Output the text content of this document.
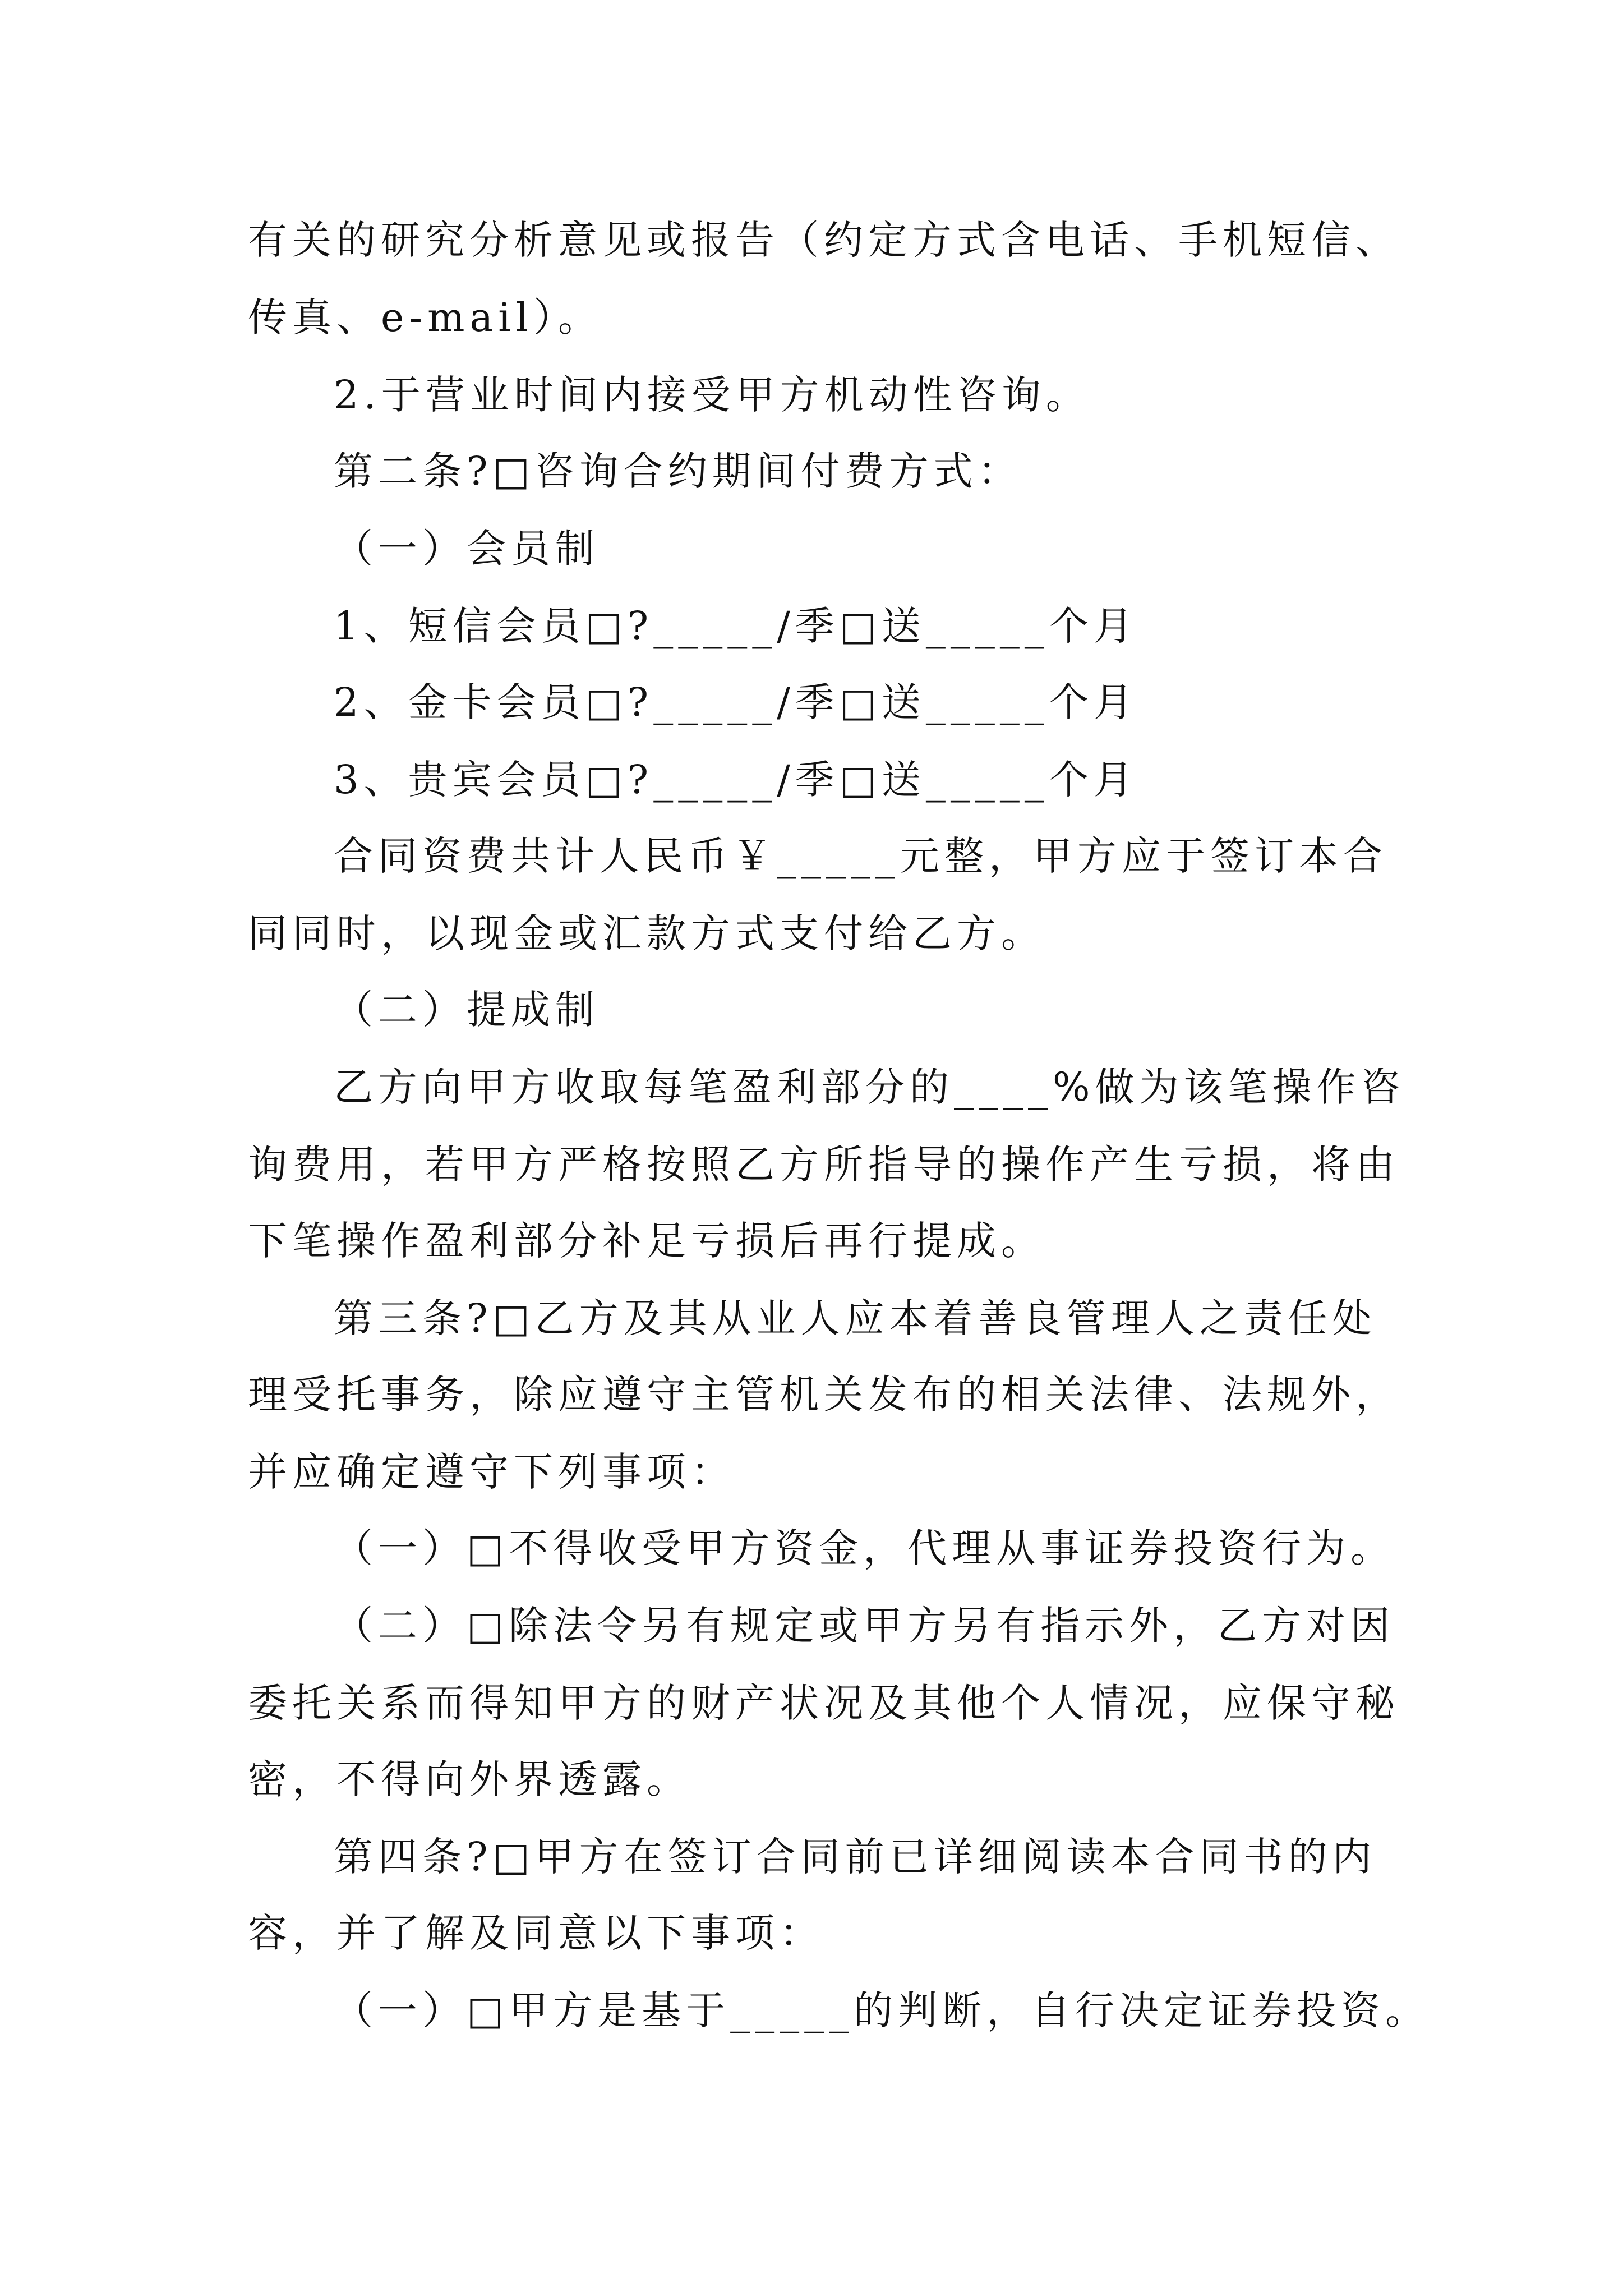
有关的研究分析意见或报告（约定方式含电话、手机短信、
传真、e-mail）。
2.于营业时间内接受甲方机动性咨询。
第二条?□咨询合约期间付费方式：
（一）会员制
1、短信会员□?_____/季□送_____个月
2、金卡会员□?_____/季□送_____个月
3、贵宾会员□?_____/季□送_____个月
合同资费共计人民币￥_____元整，甲方应于签订本合
同同时，以现金或汇款方式支付给乙方。
（二）提成制
乙方向甲方收取每笔盈利部分的____%做为该笔操作咨
询费用，若甲方严格按照乙方所指导的操作产生亏损，将由
下笔操作盈利部分补足亏损后再行提成。
第三条?□乙方及其从业人应本着善良管理人之责任处
理受托事务，除应遵守主管机关发布的相关法律、法规外，
并应确定遵守下列事项：
（一）□不得收受甲方资金，代理从事证券投资行为。
（二）□除法令另有规定或甲方另有指示外，乙方对因
委托关系而得知甲方的财产状况及其他个人情况，应保守秘
密，不得向外界透露。
第四条?□甲方在签订合同前已详细阅读本合同书的内
容，并了解及同意以下事项：
（一）□甲方是基于_____的判断，自行决定证券投资。
